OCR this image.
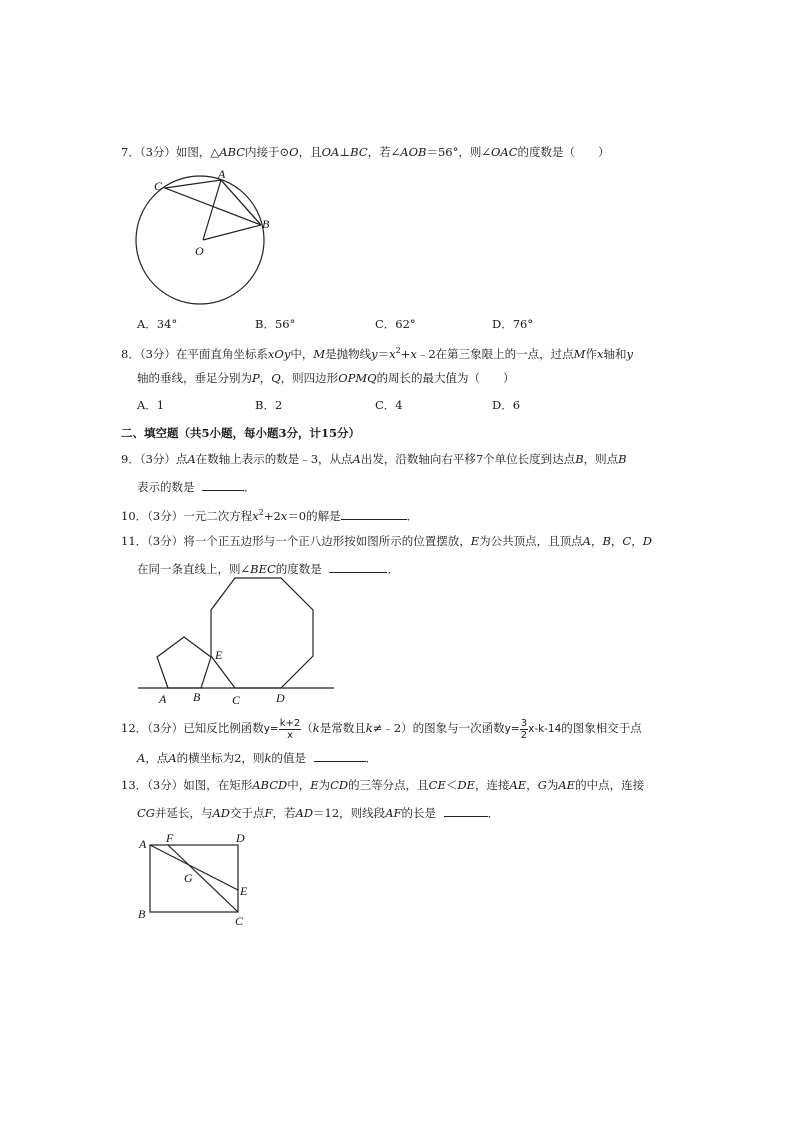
7．（3分）如图，△ABC内接于⊙O，且OA⊥BC，若∠AOB＝56°，则∠OAC的度数是（　　）
A
B
C
O
A．34°	B．56°	C．62°	D．76°
8．（3分）在平面直角坐标系xOy中，M是抛物线$y=x^2+x﹣2$在第三象限上的一点，过点M作x轴和y
轴的垂线，垂足分别为P，Q，则四边形OPMQ的周长的最大值为（　　）
A．1	B．2	C．4	D．6
二、填空题（共5小题，每小题3分，计15分）
9．（3分）点A在数轴上表示的数是﹣3，从点A出发，沿数轴向右平移7个单位长度到达点B，则点B
表示的数是	．
10．（3分）一元二次方程$x^2+2x=0$的解是	．
11．（3分）将一个正五边形与一个正八边形按如图所示的位置摆放，E为公共顶点，且顶点A，B，C，D
在同一条直线上，则∠BEC的度数是	．
A B	C	D
E
12．（3分）已知反比例函数$y= \frac{k+2}{x} (k$是常数且k≠﹣2）的图象与一次函数$y= \frac{3}{2} x-k-14$的图象相交于点
A，点A的横坐标为2，则k的值是	．
13．（3分）如图，在矩形ABCD中，E为CD的三等分点，且CE＜DE，连接AE，G为AE的中点，连接
CG并延长，与AD交于点F，若AD＝12，则线段AF的长是	．
A F	D
G
E
B	C
